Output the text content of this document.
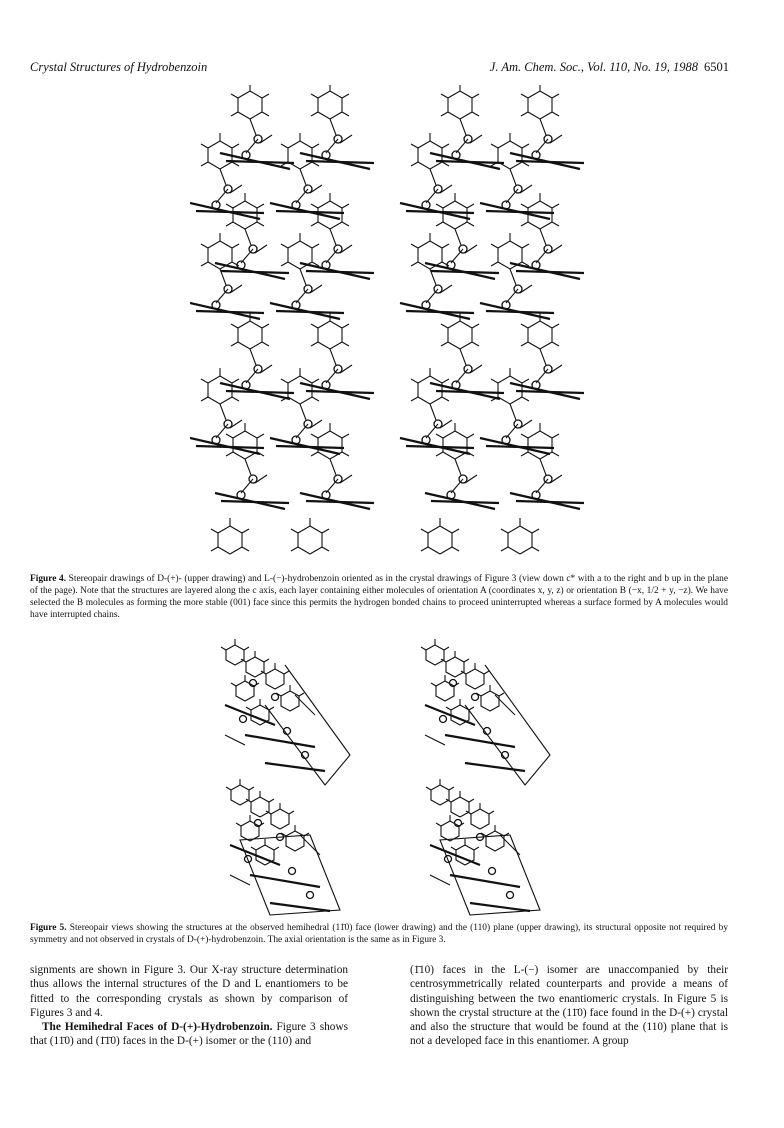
Crystal Structures of Hydrobenzoin	J. Am. Chem. Soc., Vol. 110, No. 19, 1988 6501
Figure 4. Stereopair drawings of D-(+)- (upper drawing) and L-(−)-hydrobenzoin oriented as in the crystal drawings of Figure 3 (view down c* with a to the right and b up in the plane of the page). Note that the structures are layered along the c axis, each layer containing either molecules of orientation A (coordinates x, y, z) or orientation B (−x, 1/2 + y, −z). We have selected the B molecules as forming the more stable (001) face since this permits the hydrogen bonded chains to proceed uninterrupted whereas a surface formed by A molecules would have interrupted chains.
Figure 5. Stereopair views showing the structures at the observed hemihedral (11̄0) face (lower drawing) and the (110) plane (upper drawing), its structural opposite not required by symmetry and not observed in crystals of D-(+)-hydrobenzoin. The axial orientation is the same as in Figure 3.
signments are shown in Figure 3. Our X-ray structure determination thus allows the internal structures of the D and L enantiomers to be fitted to the corresponding crystals as shown by comparison of Figures 3 and 4.
The Hemihedral Faces of D-(+)-Hydrobenzoin. Figure 3 shows that (11̄0) and (1̄1̄0) faces in the D-(+) isomer or the (110) and
(1̄10) faces in the L-(−) isomer are unaccompanied by their centrosymmetrically related counterparts and provide a means of distinguishing between the two enantiomeric crystals. In Figure 5 is shown the crystal structure at the (11̄0) face found in the D-(+) crystal and also the structure that would be found at the (110) plane that is not a developed face in this enantiomer. A group
